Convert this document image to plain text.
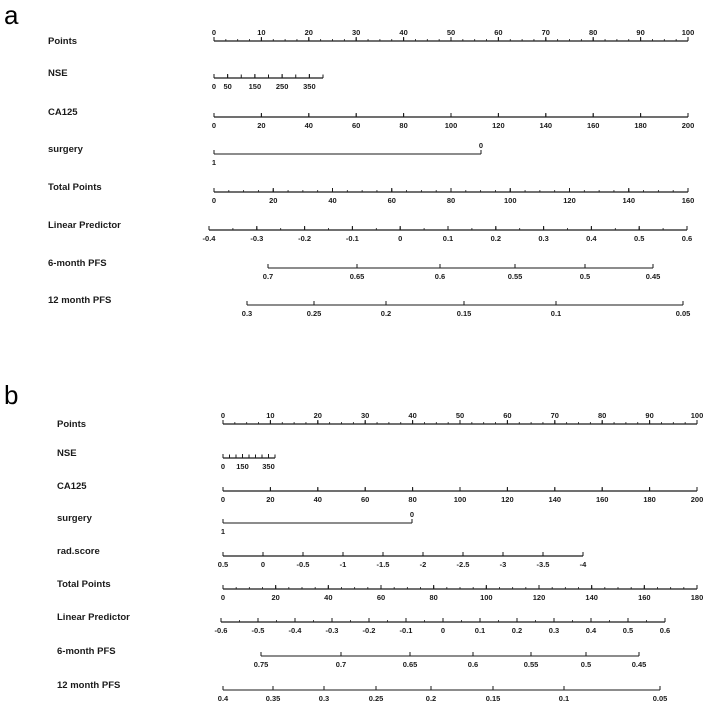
a
b
Points
NSE
CA125
surgery
Total Points
Linear Predictor
6-month PFS
12 month PFS
Points
NSE
CA125
surgery
rad.score
Total Points
Linear Predictor
6-month PFS
12 month PFS
0	10	20	30	40	50	60	70	80	90	100
0 50 150 250 350
0	20	40	60	80	100	120	140	160	180	200
1
0
0	20	40	60	80	100	120	140	160
-0.4	-0.3	-0.2	-0.1	0	0.1	0.2	0.3	0.4	0.5	0.6
0.7	0.65	0.6	0.55	0.5	0.45
0.3	0.25	0.2	0.15	0.1	0.05
0	10	20	30	40	50	60	70	80	90	100
0 150 350
0	20	40	60	80	100	120	140	160	180	200
1
0
0.5	0	-0.5	-1	-1.5	-2	-2.5	-3	-3.5	-4
0	20	40	60	80	100	120	140	160	180
-0.6	-0.5	-0.4	-0.3	-0.2	-0.1	0	0.1	0.2	0.3	0.4	0.5	0.6
0.75	0.7	0.65	0.6	0.55	0.5	0.45
0.4	0.35	0.3	0.25	0.2	0.15	0.1	0.05
